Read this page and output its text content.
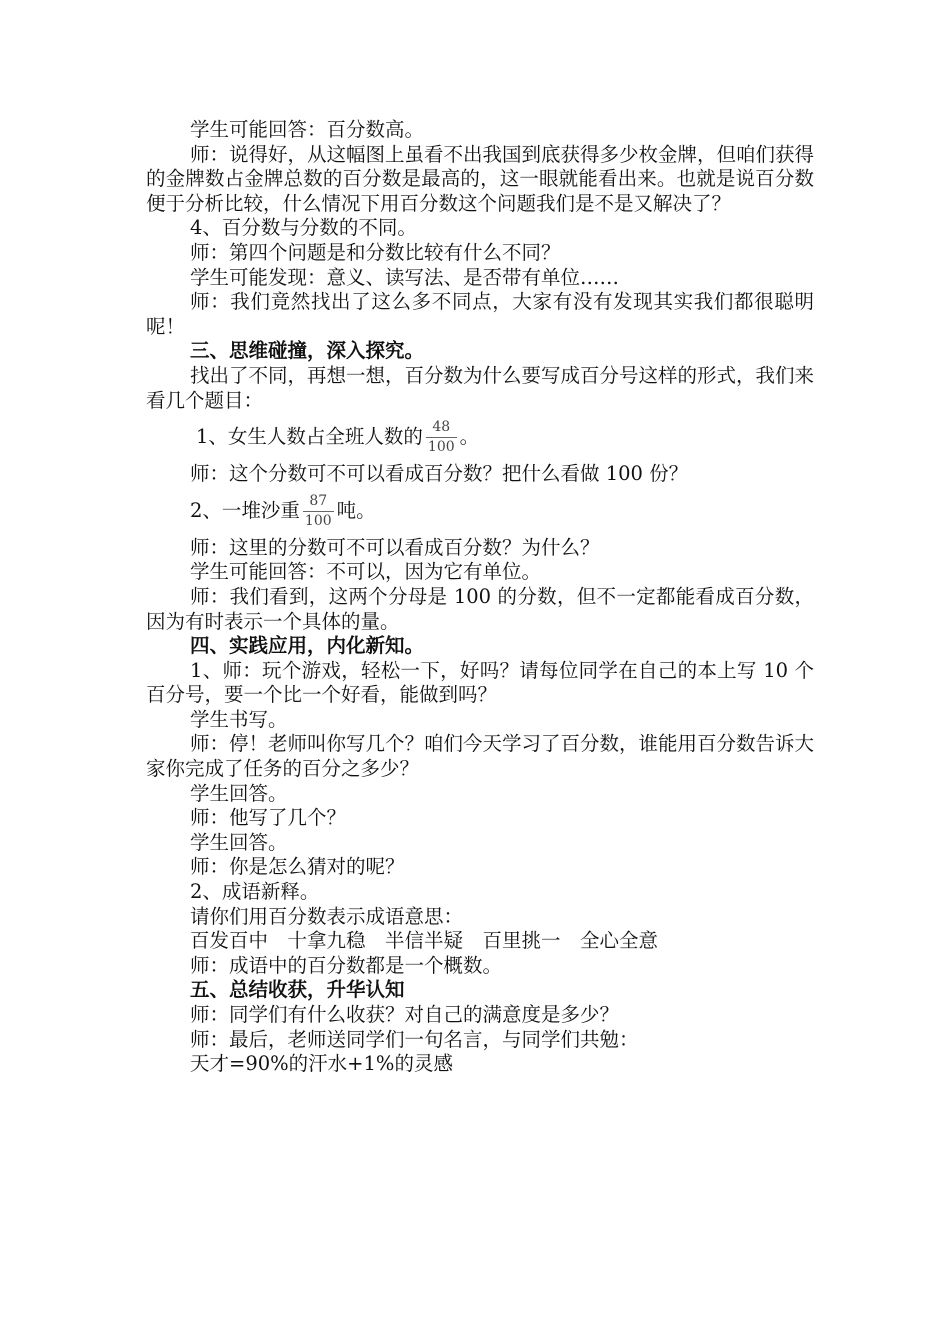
学生可能回答：百分数高。

师：说得好，从这幅图上虽看不出我国到底获得多少枚金牌，但咱们获得的金牌数占金牌总数的百分数是最高的，这一眼就能看出来。也就是说百分数便于分析比较，什么情况下用百分数这个问题我们是不是又解决了？

4、百分数与分数的不同。

师：第四个问题是和分数比较有什么不同？

学生可能发现：意义、读写法、是否带有单位……

师：我们竟然找出了这么多不同点，大家有没有发现其实我们都很聪明呢！

三、思维碰撞，深入探究。

找出了不同，再想一想，百分数为什么要写成百分号这样的形式，我们来看几个题目：

1、女生人数占全班人数的 $\frac{48}{100}$ 。

师：这个分数可不可以看成百分数？把什么看做 100 份？

2、一堆沙重 $\frac{87}{100}$ 吨。

师：这里的分数可不可以看成百分数？为什么？

学生可能回答：不可以，因为它有单位。

师：我们看到，这两个分母是 100 的分数，但不一定都能看成百分数，因为有时表示一个具体的量。

四、实践应用，内化新知。

1、师：玩个游戏，轻松一下，好吗？请每位同学在自己的本上写 10 个百分号，要一个比一个好看，能做到吗？

学生书写。

师：停！老师叫你写几个？咱们今天学习了百分数，谁能用百分数告诉大家你完成了任务的百分之多少？

学生回答。

师：他写了几个？

学生回答。

师：你是怎么猜对的呢？

2、成语新释。

请你们用百分数表示成语意思：

百发百中　十拿九稳　半信半疑　百里挑一　全心全意

师：成语中的百分数都是一个概数。

五、总结收获，升华认知

师：同学们有什么收获？对自己的满意度是多少？

师：最后，老师送同学们一句名言，与同学们共勉：

天才=90%的汗水+1%的灵感
